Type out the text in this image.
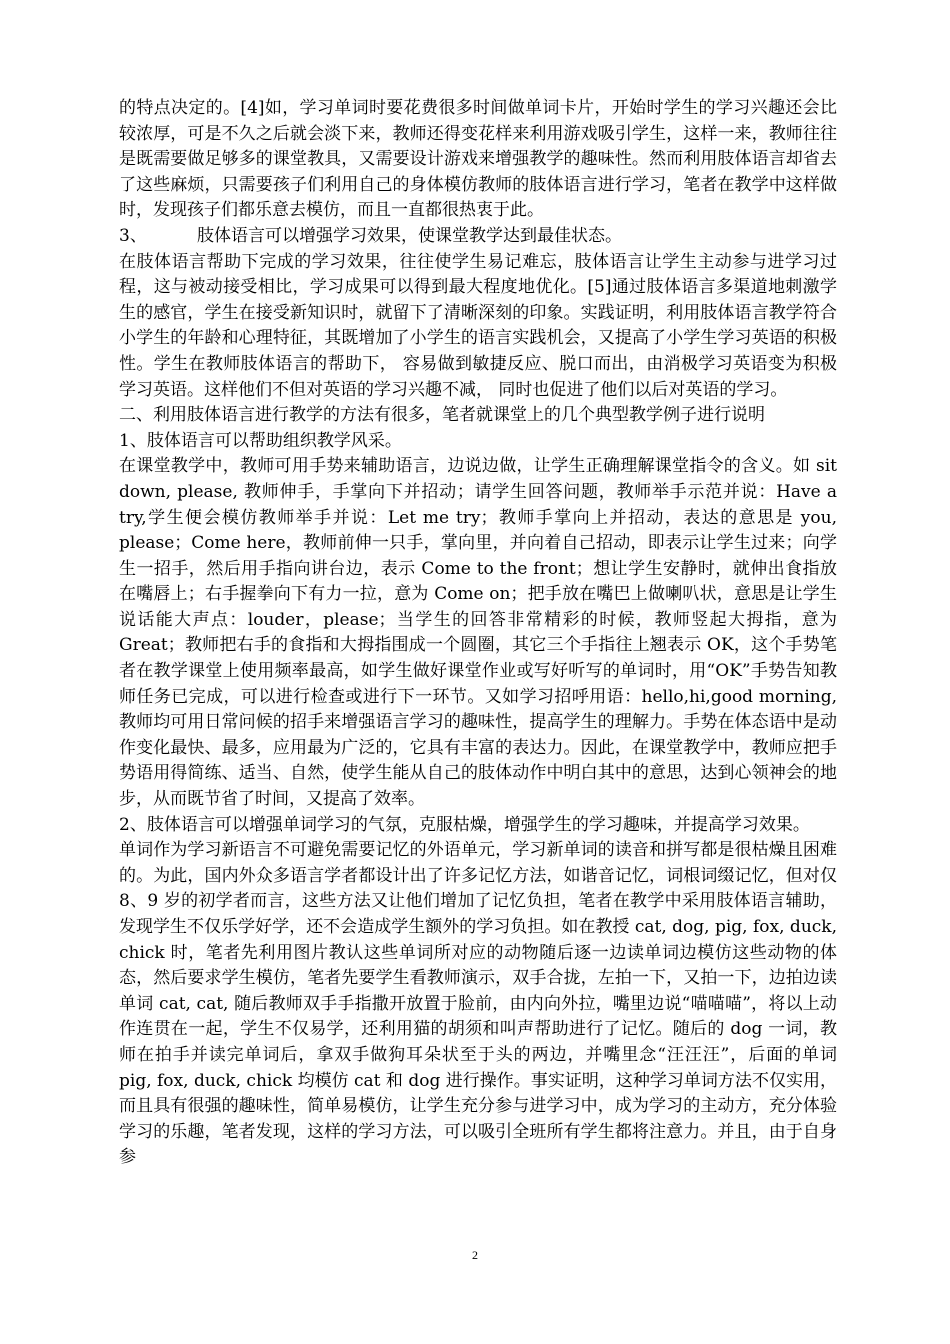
的特点决定的。[4]如，学习单词时要花费很多时间做单词卡片，开始时学生的学习兴趣还会比较浓厚，可是不久之后就会淡下来，教师还得变花样来利用游戏吸引学生，这样一来，教师往往是既需要做足够多的课堂教具，又需要设计游戏来增强教学的趣味性。然而利用肢体语言却省去了这些麻烦，只需要孩子们利用自己的身体模仿教师的肢体语言进行学习，笔者在教学中这样做时，发现孩子们都乐意去模仿，而且一直都很热衷于此。

3、	肢体语言可以增强学习效果，使课堂教学达到最佳状态。

在肢体语言帮助下完成的学习效果，往往使学生易记难忘，肢体语言让学生主动参与进学习过程，这与被动接受相比，学习成果可以得到最大程度地优化。[5]通过肢体语言多渠道地刺激学生的感官，学生在接受新知识时，就留下了清晰深刻的印象。实践证明，利用肢体语言教学符合小学生的年龄和心理特征，其既增加了小学生的语言实践机会，又提高了小学生学习英语的积极性。学生在教师肢体语言的帮助下， 容易做到敏捷反应、脱口而出，由消极学习英语变为积极学习英语。这样他们不但对英语的学习兴趣不减， 同时也促进了他们以后对英语的学习。

二、利用肢体语言进行教学的方法有很多，笔者就课堂上的几个典型教学例子进行说明

1、肢体语言可以帮助组织教学风采。

在课堂教学中，教师可用手势来辅助语言，边说边做，让学生正确理解课堂指令的含义。如 sit down, please, 教师伸手，手掌向下并招动；请学生回答问题，教师举手示范并说：Have a try,学生便会模仿教师举手并说：Let me try；教师手掌向上并招动，表达的意思是 you, please；Come here，教师前伸一只手，掌向里，并向着自己招动，即表示让学生过来；向学生一招手，然后用手指向讲台边，表示 Come to the front；想让学生安静时，就伸出食指放在嘴唇上；右手握拳向下有力一拉，意为 Come on；把手放在嘴巴上做喇叭状，意思是让学生说话能大声点：louder，please；当学生的回答非常精彩的时候，教师竖起大拇指，意为 Great；教师把右手的食指和大拇指围成一个圆圈，其它三个手指往上翘表示 OK，这个手势笔者在教学课堂上使用频率最高，如学生做好课堂作业或写好听写的单词时，用“OK”手势告知教师任务已完成，可以进行检查或进行下一环节。又如学习招呼用语：hello,hi,good morning,教师均可用日常问候的招手来增强语言学习的趣味性，提高学生的理解力。手势在体态语中是动作变化最快、最多，应用最为广泛的，它具有丰富的表达力。因此，在课堂教学中，教师应把手势语用得简练、适当、自然，使学生能从自己的肢体动作中明白其中的意思，达到心领神会的地步，从而既节省了时间，又提高了效率。

2、肢体语言可以增强单词学习的气氛，克服枯燥，增强学生的学习趣味，并提高学习效果。

单词作为学习新语言不可避免需要记忆的外语单元，学习新单词的读音和拼写都是很枯燥且困难的。为此，国内外众多语言学者都设计出了许多记忆方法，如谐音记忆，词根词缀记忆，但对仅 8、9 岁的初学者而言，这些方法又让他们增加了记忆负担，笔者在教学中采用肢体语言辅助，发现学生不仅乐学好学，还不会造成学生额外的学习负担。如在教授 cat, dog, pig, fox, duck, chick 时，笔者先利用图片教认这些单词所对应的动物随后逐一边读单词边模仿这些动物的体态，然后要求学生模仿，笔者先要学生看教师演示，双手合拢，左拍一下，又拍一下，边拍边读单词 cat, cat, 随后教师双手手指撒开放置于脸前，由内向外拉，嘴里边说“喵喵喵”，将以上动作连贯在一起，学生不仅易学，还利用猫的胡须和叫声帮助进行了记忆。随后的 dog 一词，教师在拍手并读完单词后，拿双手做狗耳朵状至于头的两边，并嘴里念“汪汪汪”，后面的单词 pig, fox, duck, chick 均模仿 cat 和 dog 进行操作。事实证明，这种学习单词方法不仅实用，而且具有很强的趣味性，简单易模仿，让学生充分参与进学习中，成为学习的主动方，充分体验学习的乐趣，笔者发现，这样的学习方法，可以吸引全班所有学生都将注意力。并且，由于自身参

2
